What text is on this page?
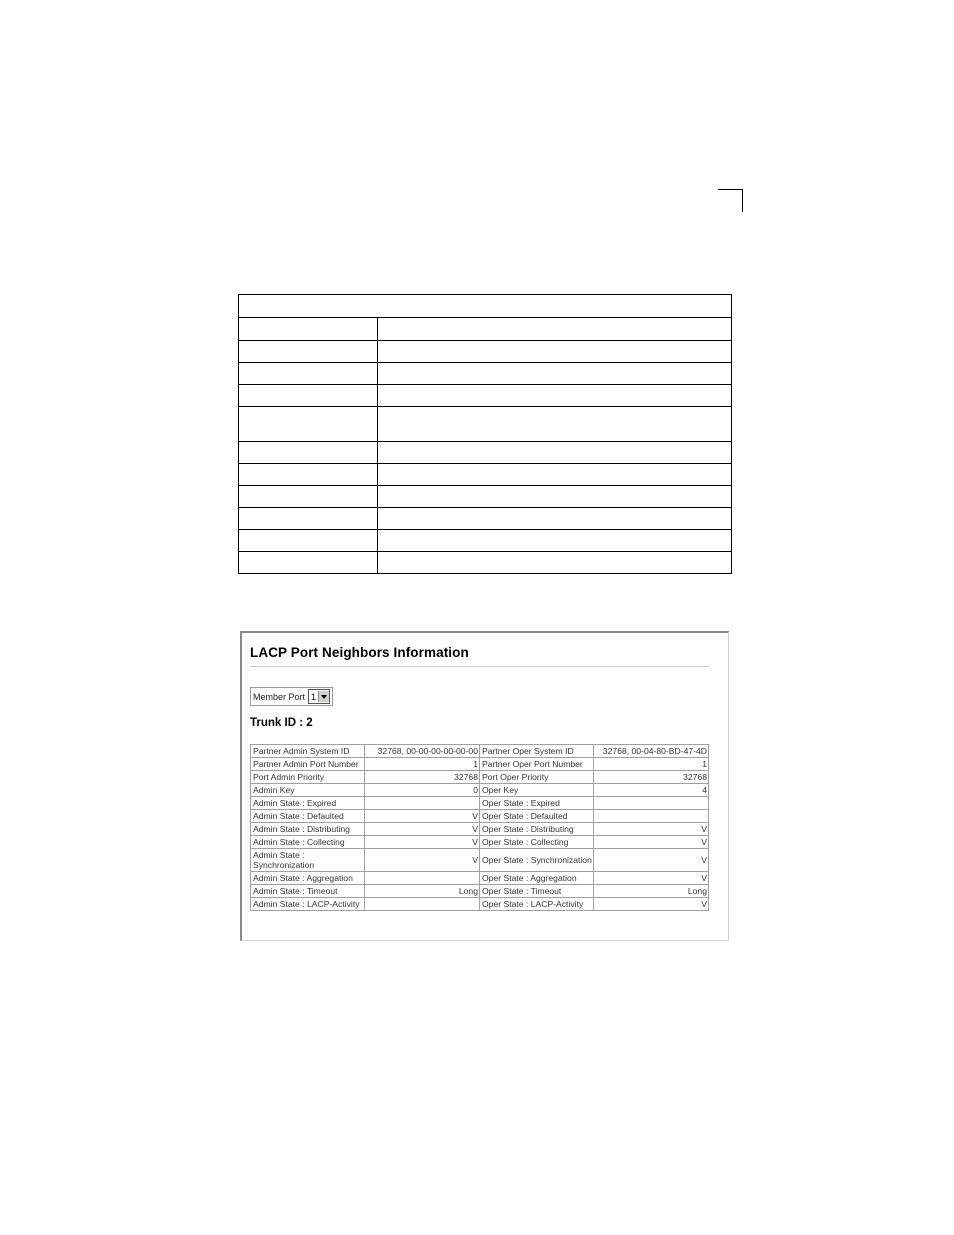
LACP Port Neighbors Information
Member Port 1
Trunk ID : 2
Partner Admin System ID	32768, 00-00-00-00-00-00	Partner Oper System ID	32768, 00-04-80-BD-47-4D
Partner Admin Port Number	1	Partner Oper Port Number	1
Port Admin Priority	32768	Port Oper Priority	32768
Admin Key	0	Oper Key	4
Admin State : Expired		Oper State : Expired	
Admin State : Defaulted	V	Oper State : Defaulted	
Admin State : Distributing	V	Oper State : Distributing	V
Admin State : Collecting	V	Oper State : Collecting	V
Admin State : Synchronization	V	Oper State : Synchronization	V
Admin State : Aggregation		Oper State : Aggregation	V
Admin State : Timeout	Long	Oper State : Timeout	Long
Admin State : LACP-Activity		Oper State : LACP-Activity	V
